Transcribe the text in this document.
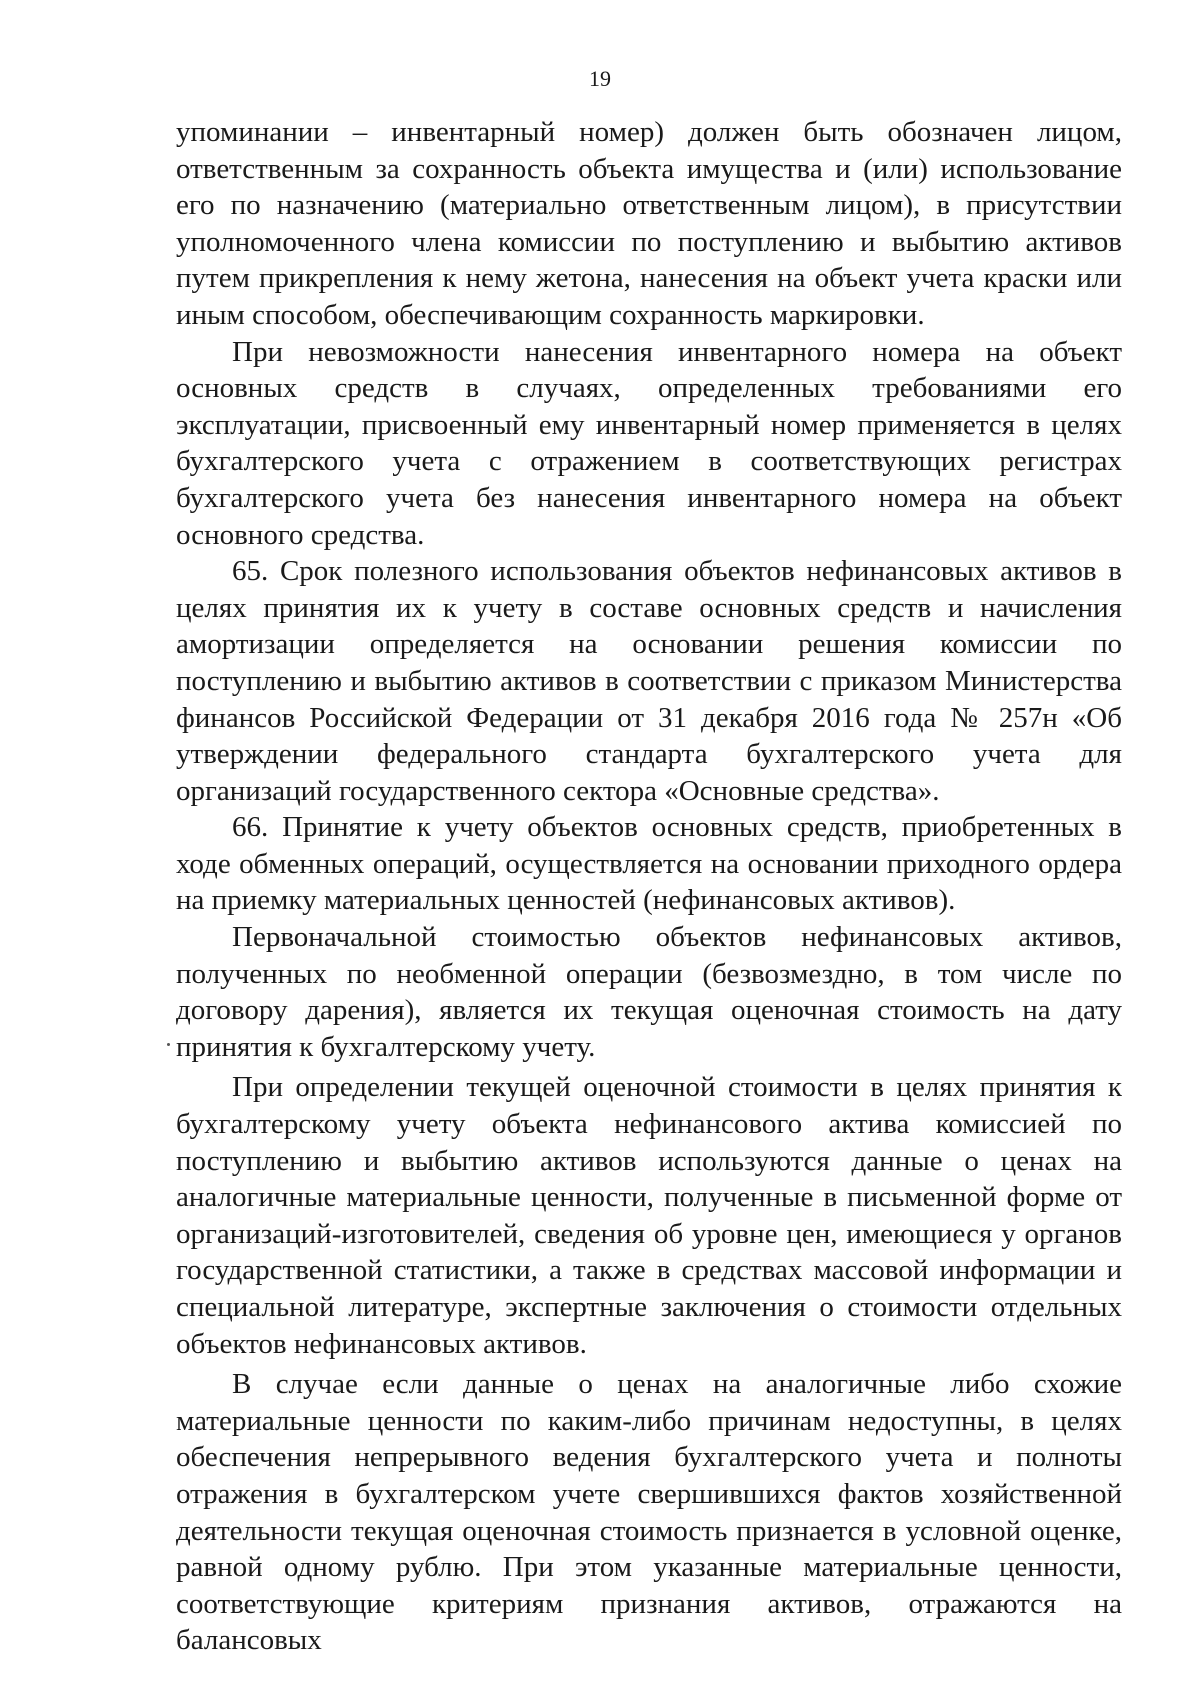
19

упоминании – инвентарный номер) должен быть обозначен лицом, ответственным за сохранность объекта имущества и (или) использование его по назначению (материально ответственным лицом), в присутствии уполномоченного члена комиссии по поступлению и выбытию активов путем прикрепления к нему жетона, нанесения на объект учета краски или иным способом, обеспечивающим сохранность маркировки.

При невозможности нанесения инвентарного номера на объект основных средств в случаях, определенных требованиями его эксплуатации, присвоенный ему инвентарный номер применяется в целях бухгалтерского учета с отражением в соответствующих регистрах бухгалтерского учета без нанесения инвентарного номера на объект основного средства.

65. Срок полезного использования объектов нефинансовых активов в целях принятия их к учету в составе основных средств и начисления амортизации определяется на основании решения комиссии по поступлению и выбытию активов в соответствии с приказом Министерства финансов Российской Федерации от 31 декабря 2016 года № 257н «Об утверждении федерального стандарта бухгалтерского учета для организаций государственного сектора «Основные средства».

66. Принятие к учету объектов основных средств, приобретенных в ходе обменных операций, осуществляется на основании приходного ордера на приемку материальных ценностей (нефинансовых активов).

Первоначальной стоимостью объектов нефинансовых активов, полученных по необменной операции (безвозмездно, в том числе по договору дарения), является их текущая оценочная стоимость на дату принятия к бухгалтерскому учету.

При определении текущей оценочной стоимости в целях принятия к бухгалтерскому учету объекта нефинансового актива комиссией по поступлению и выбытию активов используются данные о ценах на аналогичные материальные ценности, полученные в письменной форме от организаций-изготовителей, сведения об уровне цен, имеющиеся у органов государственной статистики, а также в средствах массовой информации и специальной литературе, экспертные заключения о стоимости отдельных объектов нефинансовых активов.

В случае если данные о ценах на аналогичные либо схожие материальные ценности по каким-либо причинам недоступны, в целях обеспечения непрерывного ведения бухгалтерского учета и полноты отражения в бухгалтерском учете свершившихся фактов хозяйственной деятельности текущая оценочная стоимость признается в условной оценке, равной одному рублю. При этом указанные материальные ценности, соответствующие критериям признания активов, отражаются на балансовых
